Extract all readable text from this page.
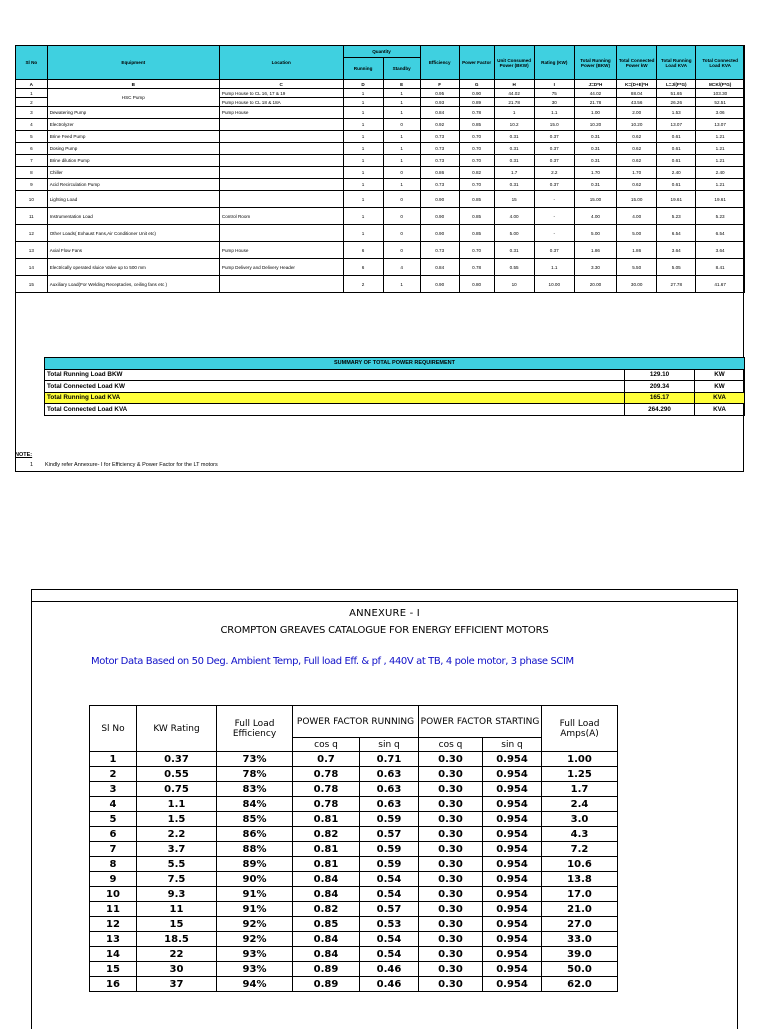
Sl No	Equipment	Location	Quantity		Efficiency	Power Factor	Unit Consumed Power (BKW)	Rating (KW)	Total Running Power (BKW)	Total Connected Power kW	Total Running Load KVA	Total Connected Load KVA
			Running	Standby								
A	B	C	D	E	F	G	H	I	J=D*H	K=(D+E)*H	L=J/(F*G)	M=K/(F*G)
1	HSC Pump	Pump House to CL 16, 17 & 19	1	1	0.95	0.90	44.02	75	44.02	88.04	51.65	103.30
2		Pump House to CL 18 & 18A	1	1	0.93	0.89	21.78	30	21.78	43.56	26.26	52.51
3	Dewatering Pump	Pump House	1	1	0.84	0.78	1	1.1	1.00	2.00	1.53	3.06
4	Electrolyzer		1	0	0.92	0.85	10.2	15.0	10.20	10.20	13.07	13.07
5	Brine Feed Pump		1	1	0.73	0.70	0.31	0.37	0.31	0.62	0.61	1.21
6	Dosing Pump		1	1	0.73	0.70	0.31	0.37	0.31	0.62	0.61	1.21
7	Brine dilution Pump		1	1	0.73	0.70	0.31	0.37	0.31	0.62	0.61	1.21
8	Chiller		1	0	0.86	0.82	1.7	2.2	1.70	1.70	2.40	2.40
9	Acid Recirculation Pump		1	1	0.73	0.70	0.31	0.37	0.31	0.62	0.61	1.21
10	Lighting Load		1	0	0.90	0.85	15	-	15.00	15.00	19.61	19.61
11	Instrumentation Load	Control Room	1	0	0.90	0.85	4.00	-	4.00	4.00	5.23	5.23
12	Other Loads( Exhaust Fans,Air Conditioner Unit etc)		1	0	0.90	0.85	5.00	-	5.00	5.00	6.54	6.54
13	Axial Flow Fans	Pump House	6	0	0.73	0.70	0.31	0.37	1.86	1.86	3.64	3.64
14	Electrically operated sluice Valve up to 500 mm	Pump Delivery and Delivery Header	6	4	0.84	0.78	0.55	1.1	3.30	5.50	5.05	8.41
15	Auxiliary Load(For Welding Receptacles, ceiling fans etc )		2	1	0.90	0.80	10	10.00	20.00	30.00	27.78	41.67

SUMMARY OF TOTAL POWER REQUIREMENT		
Total Running Load BKW	129.10	KW
Total Connected Load KW	209.34	KW
Total Running Load KVA	165.17	KVA
Total Connected Load KVA	264.290	KVA
NOTE:
1 Kindly refer Annexure- I for Efficiency & Power Factor for the LT motors
ANNEXURE - I
CROMPTON GREAVES CATALOGUE FOR ENERGY EFFICIENT MOTORS
Motor Data Based on 50 Deg. Ambient Temp, Full load Eff. & pf , 440V at TB, 4 pole motor, 3 phase SCIM
Sl No	KW Rating	Full Load Efficiency	POWER FACTOR RUNNING		POWER FACTOR STARTING		Full Load Amps(A)

			cos q	sin q	cos q	sin q	
1	0.37	73%	0.7	0.71	0.30	0.954	1.00
2	0.55	78%	0.78	0.63	0.30	0.954	1.25
3	0.75	83%	0.78	0.63	0.30	0.954	1.7
4	1.1	84%	0.78	0.63	0.30	0.954	2.4
5	1.5	85%	0.81	0.59	0.30	0.954	3.0
6	2.2	86%	0.82	0.57	0.30	0.954	4.3
7	3.7	88%	0.81	0.59	0.30	0.954	7.2
8	5.5	89%	0.81	0.59	0.30	0.954	10.6
9	7.5	90%	0.84	0.54	0.30	0.954	13.8
10	9.3	91%	0.84	0.54	0.30	0.954	17.0
11	11	91%	0.82	0.57	0.30	0.954	21.0
12	15	92%	0.85	0.53	0.30	0.954	27.0
13	18.5	92%	0.84	0.54	0.30	0.954	33.0
14	22	93%	0.84	0.54	0.30	0.954	39.0
15	30	93%	0.89	0.46	0.30	0.954	50.0
16	37	94%	0.89	0.46	0.30	0.954	62.0
